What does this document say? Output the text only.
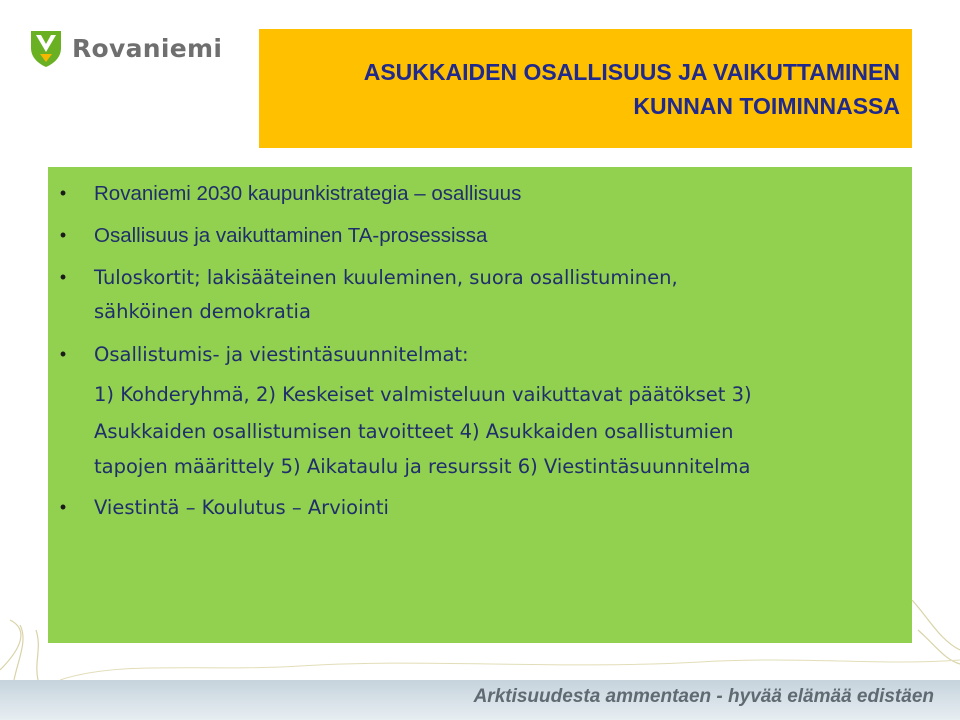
Rovaniemi
ASUKKAIDEN OSALLISUUS JA VAIKUTTAMINEN
KUNNAN TOIMINNASSA
• Rovaniemi 2030 kaupunkistrategia – osallisuus
• Osallisuus ja vaikuttaminen TA-prosessissa
• Tuloskortit; lakisääteinen kuuleminen, suora osallistuminen,
sähköinen demokratia
• Osallistumis- ja viestintäsuunnitelmat:
• Viestintä – Koulutus – Arviointi
1) Kohderyhmä, 2) Keskeiset valmisteluun vaikuttavat päätökset 3)
Asukkaiden osallistumisen tavoitteet 4) Asukkaiden osallistumien
tapojen määrittely 5) Aikataulu ja resurssit 6) Viestintäsuunnitelma
Arktisuudesta ammentaen - hyvää elämää edistäen
